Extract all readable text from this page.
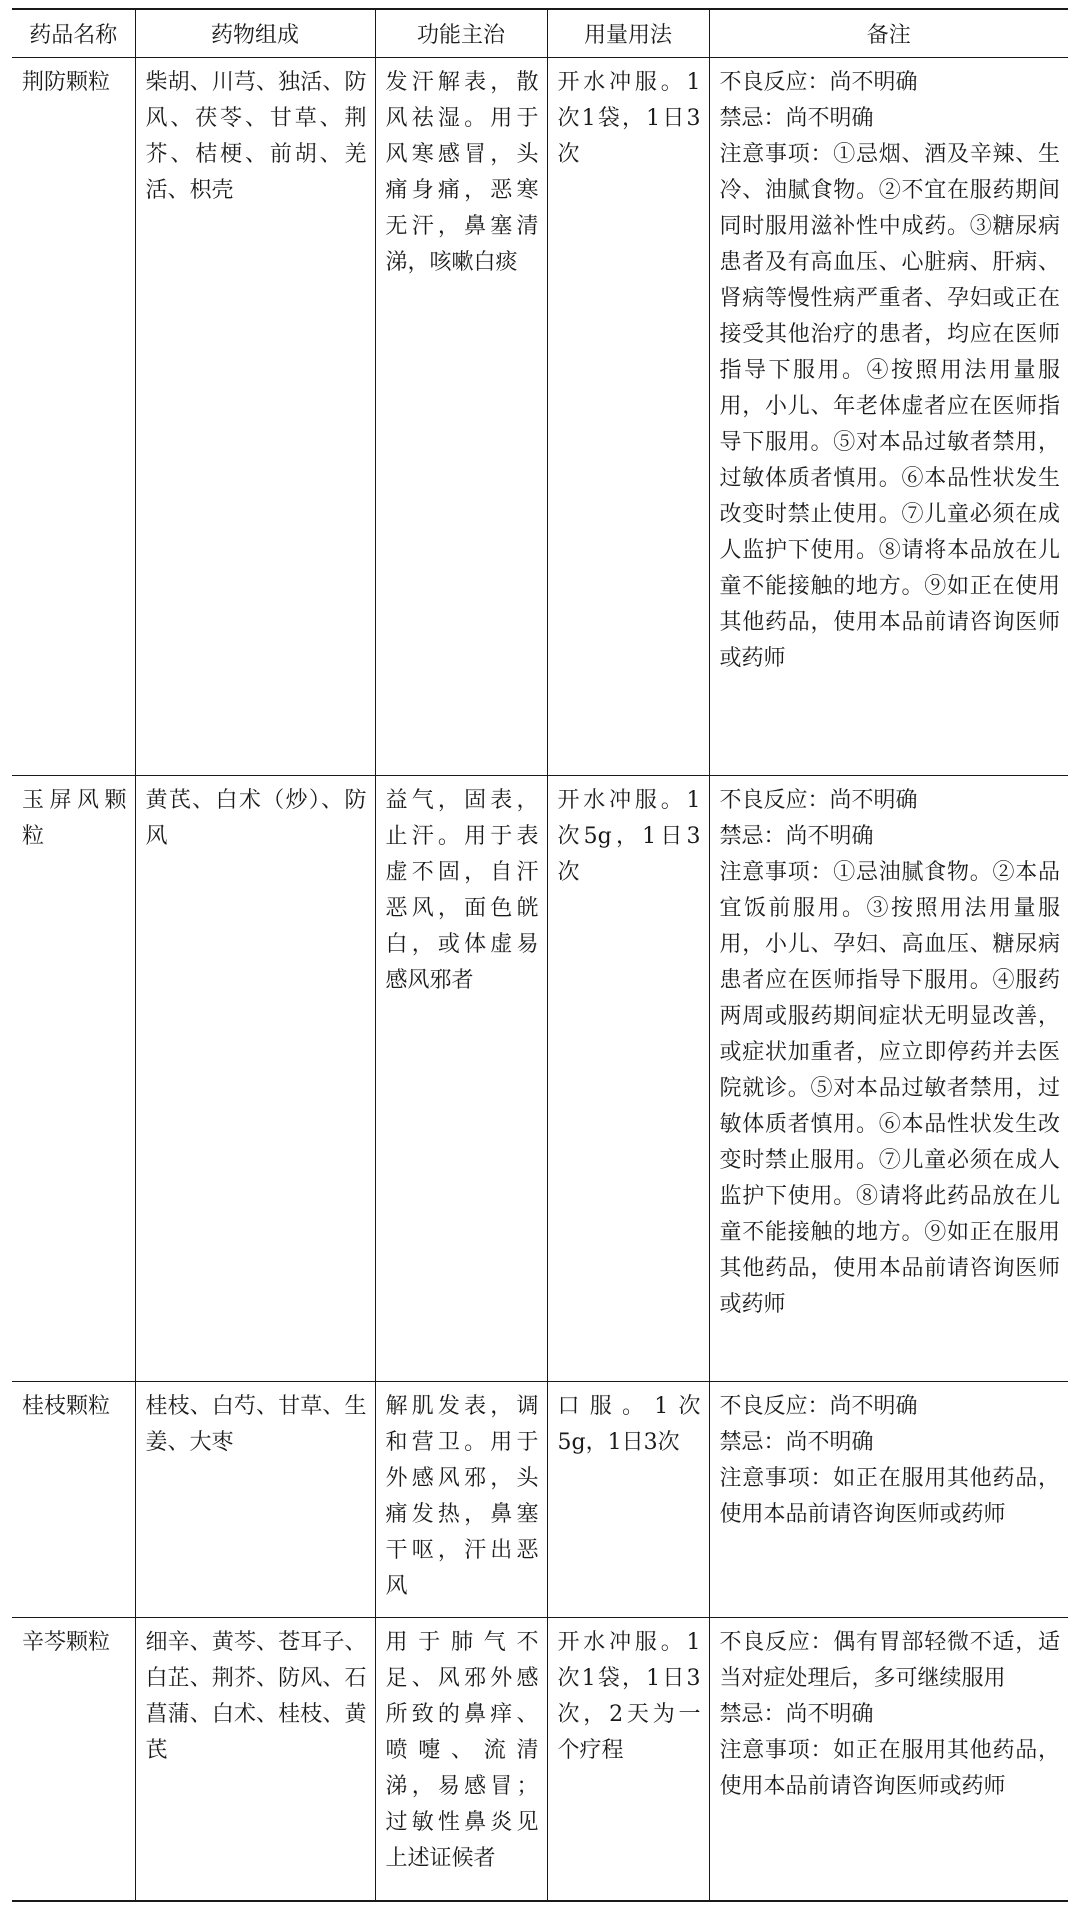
药品名称	药物组成	功能主治	用量用法	备注
荆防颗粒	柴胡、川芎、独活、防风、茯苓、甘草、荆芥、桔梗、前胡、羌活、枳壳	发汗解表，散风祛湿。用于风寒感冒，头痛身痛，恶寒无汗，鼻塞清涕，咳嗽白痰	开水冲服。1次1袋，1日3次	不良反应：尚不明确
禁忌：尚不明确
注意事项：①忌烟、酒及辛辣、生冷、油腻食物。②不宜在服药期间同时服用滋补性中成药。③糖尿病患者及有高血压、心脏病、肝病、肾病等慢性病严重者、孕妇或正在接受其他治疗的患者，均应在医师指导下服用。④按照用法用量服用，小儿、年老体虚者应在医师指导下服用。⑤对本品过敏者禁用，过敏体质者慎用。⑥本品性状发生改变时禁止使用。⑦儿童必须在成人监护下使用。⑧请将本品放在儿童不能接触的地方。⑨如正在使用其他药品，使用本品前请咨询医师或药师

玉屏风颗粒	黄芪、白术（炒）、防风	益气，固表，止汗。用于表虚不固，自汗恶风，面色㿠白，或体虚易感风邪者	开水冲服。1次5g，1日3次	不良反应：尚不明确
禁忌：尚不明确
注意事项：①忌油腻食物。②本品宜饭前服用。③按照用法用量服用，小儿、孕妇、高血压、糖尿病患者应在医师指导下服用。④服药两周或服药期间症状无明显改善，或症状加重者，应立即停药并去医院就诊。⑤对本品过敏者禁用，过敏体质者慎用。⑥本品性状发生改变时禁止服用。⑦儿童必须在成人监护下使用。⑧请将此药品放在儿童不能接触的地方。⑨如正在服用其他药品，使用本品前请咨询医师或药师

桂枝颗粒	桂枝、白芍、甘草、生姜、大枣	解肌发表，调和营卫。用于外感风邪，头痛发热，鼻塞干呕，汗出恶风	口服。1次5g，1日3次	不良反应：尚不明确
禁忌：尚不明确
注意事项：如正在服用其他药品，使用本品前请咨询医师或药师

辛芩颗粒	细辛、黄芩、苍耳子、白芷、荆芥、防风、石菖蒲、白术、桂枝、黄芪	用于肺气不足、风邪外感所致的鼻痒、喷嚏、流清涕，易感冒；过敏性鼻炎见上述证候者	开水冲服。1次1袋，1日3次，2天为一个疗程	不良反应：偶有胃部轻微不适，适当对症处理后，多可继续服用
禁忌：尚不明确
注意事项：如正在服用其他药品，使用本品前请咨询医师或药师
